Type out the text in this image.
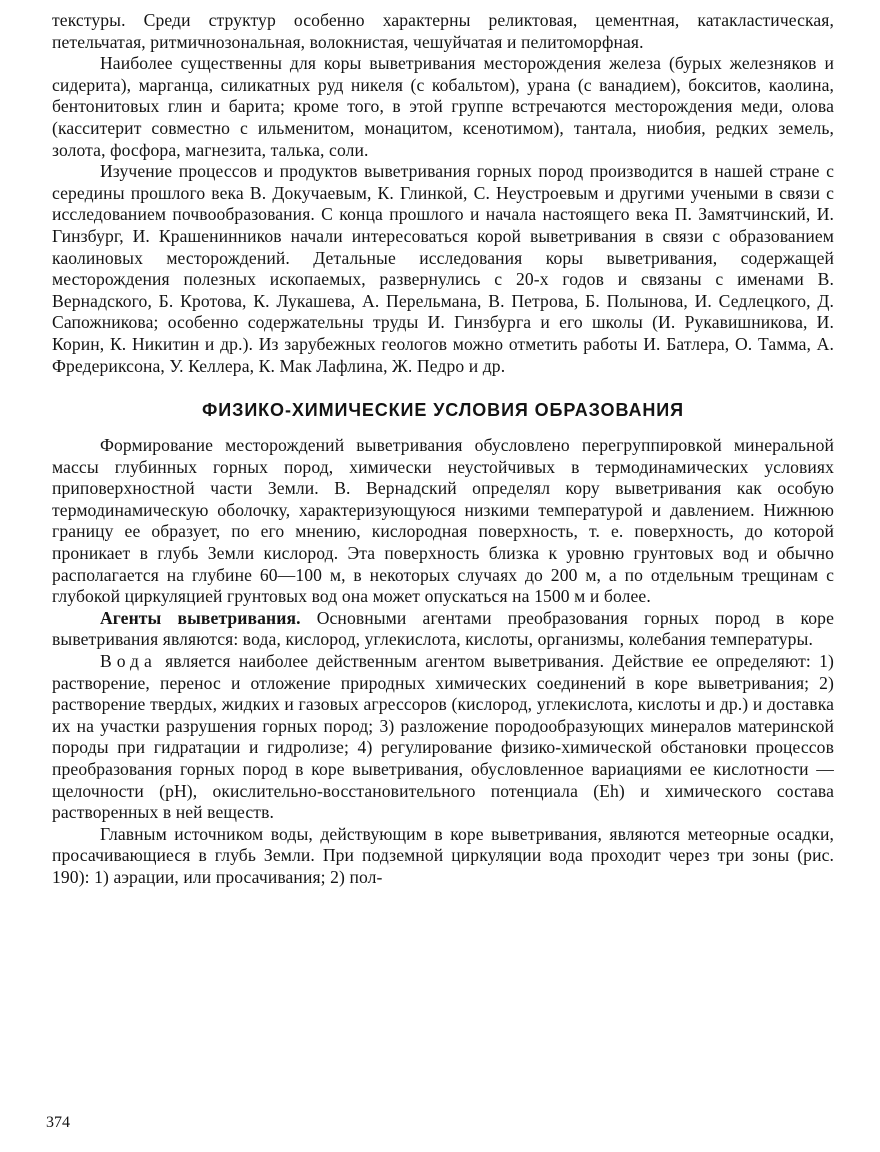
текстуры. Среди структур особенно характерны реликтовая, цементная, катакластическая, петельчатая, ритмичнозональная, волокнистая, чешуйчатая и пелитоморфная.

Наиболее существенны для коры выветривания месторождения железа (бурых железняков и сидерита), марганца, силикатных руд никеля (с кобальтом), урана (с ванадием), бокситов, каолина, бентонитовых глин и барита; кроме того, в этой группе встречаются месторождения меди, олова (касситерит совместно с ильменитом, монацитом, ксенотимом), тантала, ниобия, редких земель, золота, фосфора, магнезита, талька, соли.

Изучение процессов и продуктов выветривания горных пород производится в нашей стране с середины прошлого века В. Докучаевым, К. Глинкой, С. Неустроевым и другими учеными в связи с исследованием почвообразования. С конца прошлого и начала настоящего века П. Замятчинский, И. Гинзбург, И. Крашенинников начали интересоваться корой выветривания в связи с образованием каолиновых месторождений. Детальные исследования коры выветривания, содержащей месторождения полезных ископаемых, развернулись с 20-х годов и связаны с именами В. Вернадского, Б. Кротова, К. Лукашева, А. Перельмана, В. Петрова, Б. Полынова, И. Седлецкого, Д. Сапожникова; особенно содержательны труды И. Гинзбурга и его школы (И. Рукавишникова, И. Корин, К. Никитин и др.). Из зарубежных геологов можно отметить работы И. Батлера, О. Тамма, А. Фредериксона, У. Келлера, К. Мак Лафлина, Ж. Педро и др.

ФИЗИКО-ХИМИЧЕСКИЕ УСЛОВИЯ ОБРАЗОВАНИЯ

Формирование месторождений выветривания обусловлено перегруппировкой минеральной массы глубинных горных пород, химически неустойчивых в термодинамических условиях приповерхностной части Земли. В. Вернадский определял кору выветривания как особую термодинамическую оболочку, характеризующуюся низкими температурой и давлением. Нижнюю границу ее образует, по его мнению, кислородная поверхность, т. е. поверхность, до которой проникает в глубь Земли кислород. Эта поверхность близка к уровню грунтовых вод и обычно располагается на глубине 60—100 м, в некоторых случаях до 200 м, а по отдельным трещинам с глубокой циркуляцией грунтовых вод она может опускаться на 1500 м и более.

Агенты выветривания. Основными агентами преобразования горных пород в коре выветривания являются: вода, кислород, углекислота, кислоты, организмы, колебания температуры.

Вода является наиболее действенным агентом выветривания. Действие ее определяют: 1) растворение, перенос и отложение природных химических соединений в коре выветривания; 2) растворение твердых, жидких и газовых агрессоров (кислород, углекислота, кислоты и др.) и доставка их на участки разрушения горных пород; 3) разложение породообразующих минералов материнской породы при гидратации и гидролизе; 4) регулирование физико-химической обстановки процессов преобразования горных пород в коре выветривания, обусловленное вариациями ее кислотности — щелочности (pH), окислительно-восстановительного потенциала (Eh) и химического состава растворенных в ней веществ.

Главным источником воды, действующим в коре выветривания, являются метеорные осадки, просачивающиеся в глубь Земли. При подземной циркуляции вода проходит через три зоны (рис. 190): 1) аэрации, или просачивания; 2) пол-

374
